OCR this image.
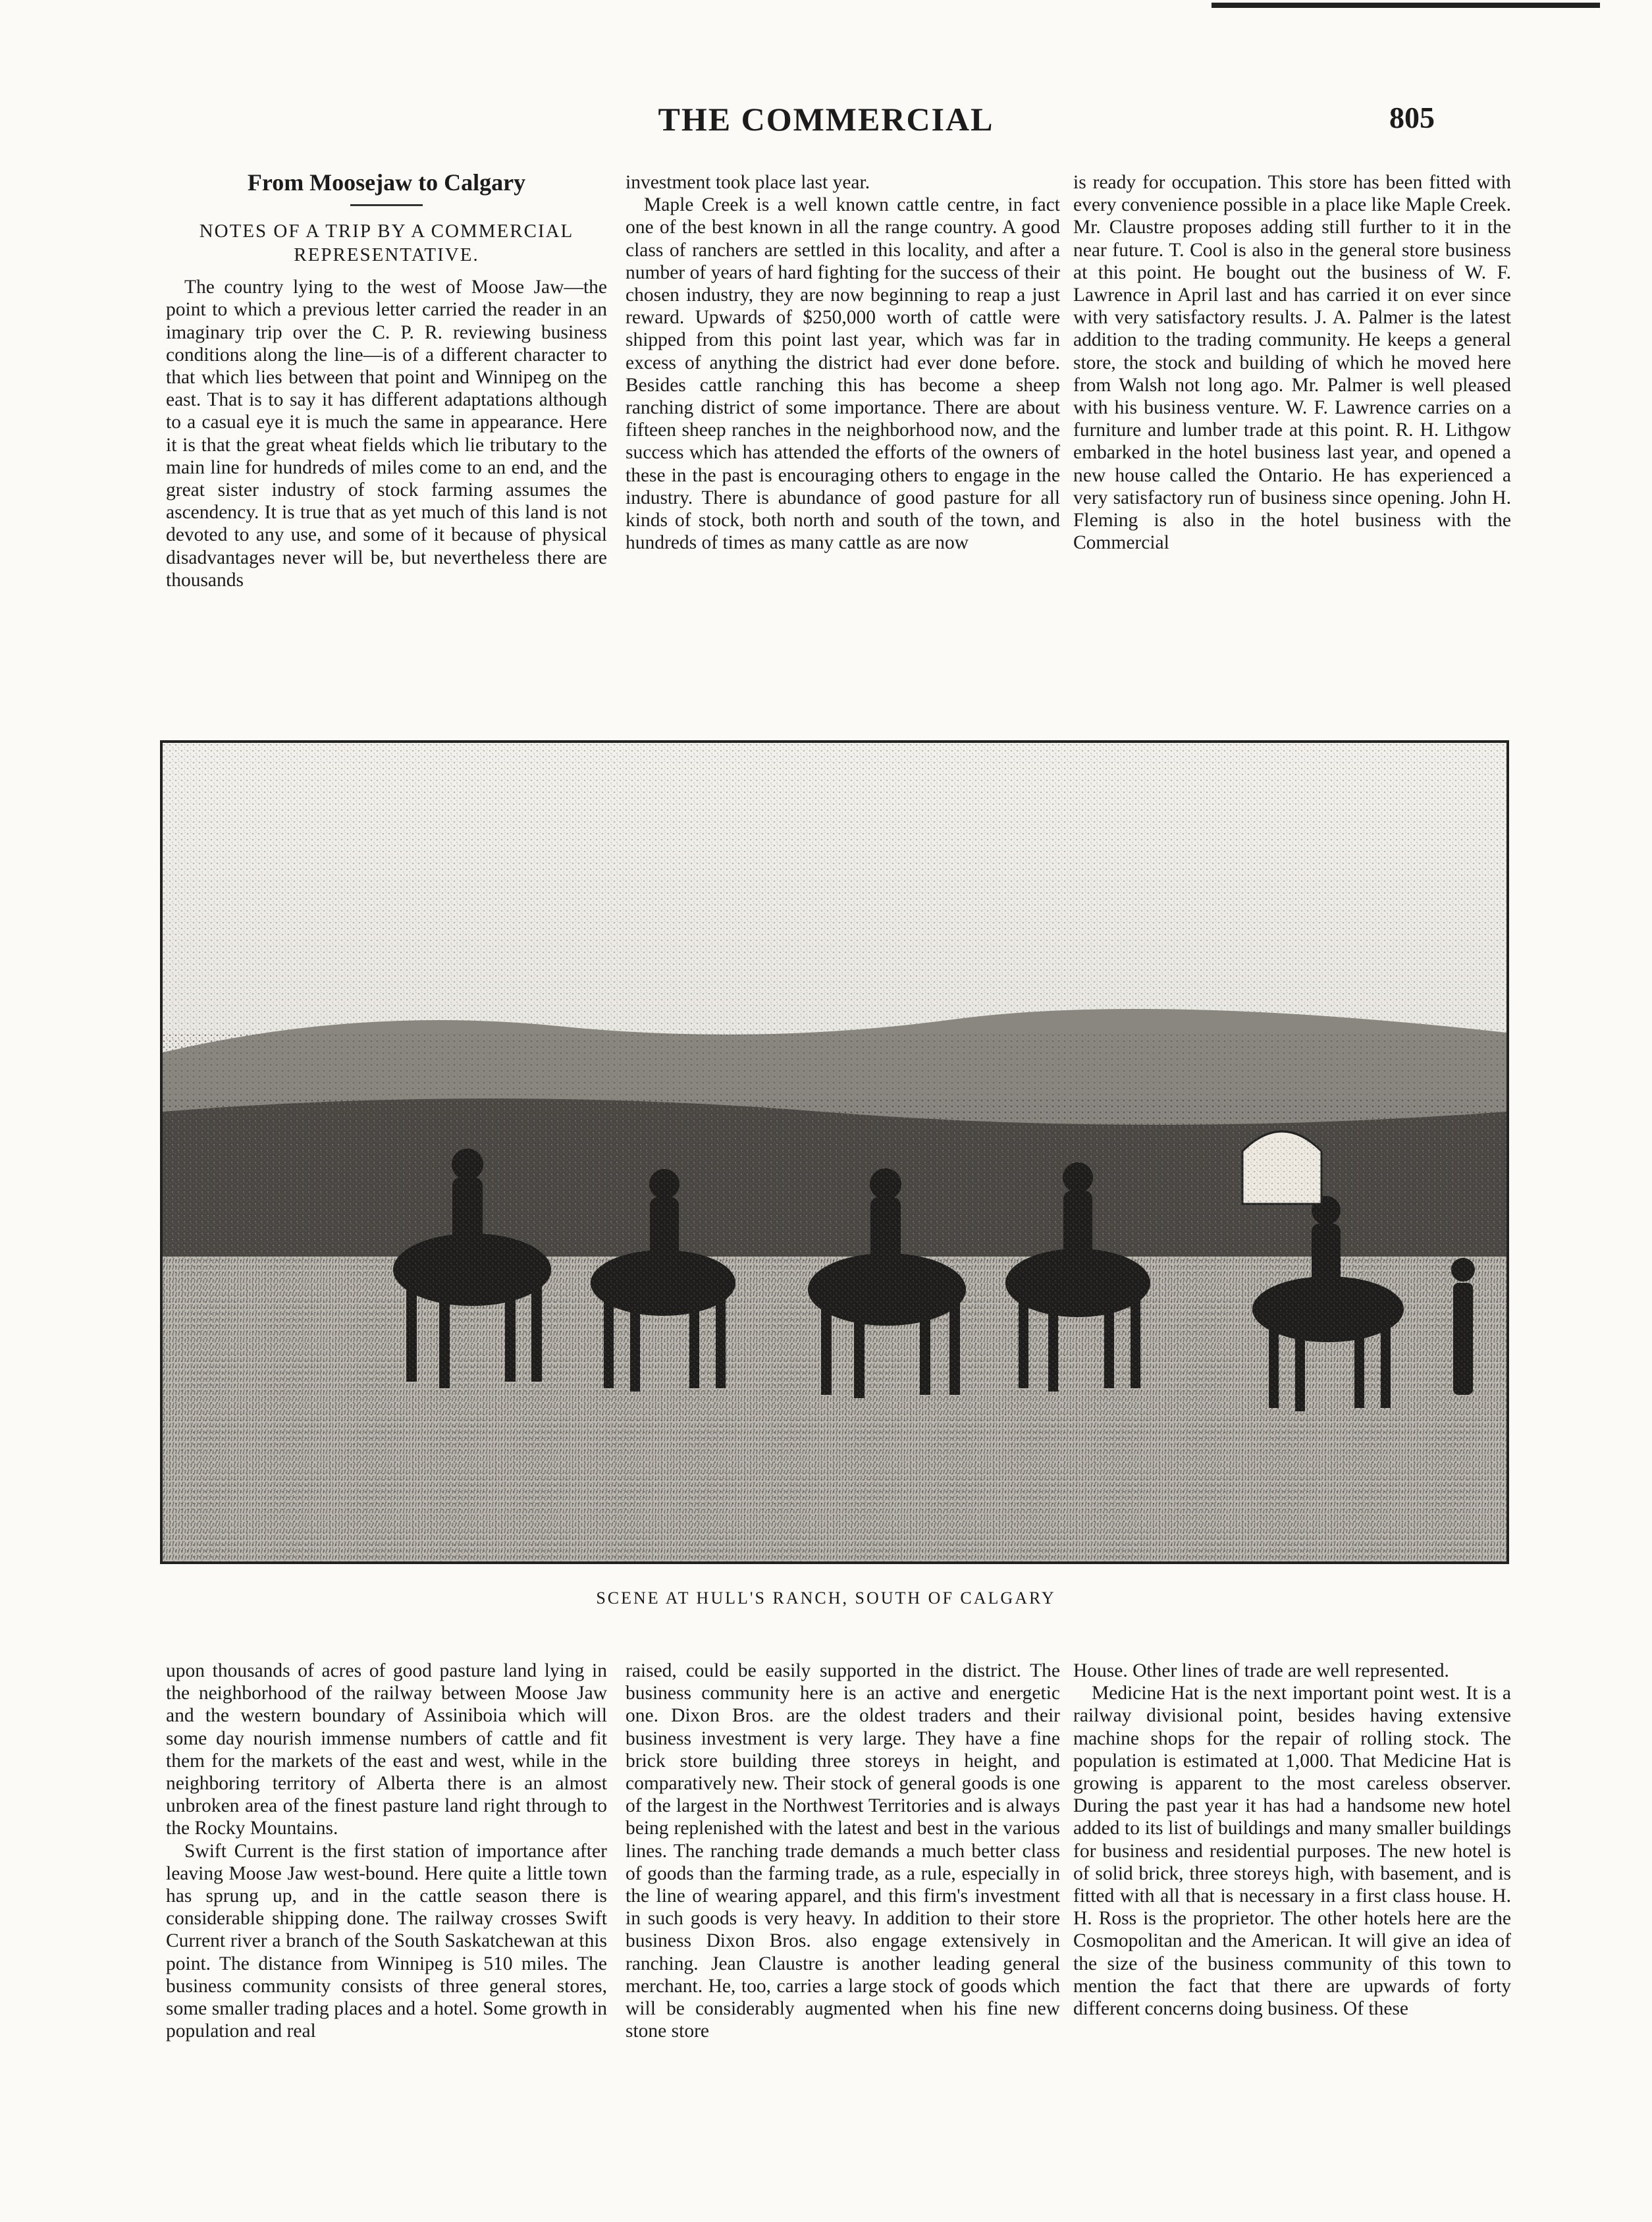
THE COMMERCIAL	805
From Moosejaw to Calgary
NOTES OF A TRIP BY A COMMERCIAL REPRESENTATIVE.

The country lying to the west of Moose Jaw—the point to which a previous letter carried the reader in an imaginary trip over the C. P. R. reviewing business conditions along the line—is of a different character to that which lies between that point and Winnipeg on the east. That is to say it has different adaptations although to a casual eye it is much the same in appearance. Here it is that the great wheat fields which lie tributary to the main line for hundreds of miles come to an end, and the great sister industry of stock farming assumes the ascendency. It is true that as yet much of this land is not devoted to any use, and some of it because of physical disadvantages never will be, but nevertheless there are thousands

investment took place last year.

Maple Creek is a well known cattle centre, in fact one of the best known in all the range country. A good class of ranchers are settled in this locality, and after a number of years of hard fighting for the success of their chosen industry, they are now beginning to reap a just reward. Upwards of $250,000 worth of cattle were shipped from this point last year, which was far in excess of anything the district had ever done before. Besides cattle ranching this has become a sheep ranching district of some importance. There are about fifteen sheep ranches in the neighborhood now, and the success which has attended the efforts of the owners of these in the past is encouraging others to engage in the industry. There is abundance of good pasture for all kinds of stock, both north and south of the town, and hundreds of times as many cattle as are now

is ready for occupation. This store has been fitted with every convenience possible in a place like Maple Creek. Mr. Claustre proposes adding still further to it in the near future. T. Cool is also in the general store business at this point. He bought out the business of W. F. Lawrence in April last and has carried it on ever since with very satisfactory results. J. A. Palmer is the latest addition to the trading community. He keeps a general store, the stock and building of which he moved here from Walsh not long ago. Mr. Palmer is well pleased with his business venture. W. F. Lawrence carries on a furniture and lumber trade at this point. R. H. Lithgow embarked in the hotel business last year, and opened a new house called the Ontario. He has experienced a very satisfactory run of business since opening. John H. Fleming is also in the hotel business with the Commercial

SCENE AT HULL'S RANCH, SOUTH OF CALGARY

upon thousands of acres of good pasture land lying in the neighborhood of the railway between Moose Jaw and the western boundary of Assiniboia which will some day nourish immense numbers of cattle and fit them for the markets of the east and west, while in the neighboring territory of Alberta there is an almost unbroken area of the finest pasture land right through to the Rocky Mountains.

Swift Current is the first station of importance after leaving Moose Jaw west-bound. Here quite a little town has sprung up, and in the cattle season there is considerable shipping done. The railway crosses Swift Current river a branch of the South Saskatchewan at this point. The distance from Winnipeg is 510 miles. The business community consists of three general stores, some smaller trading places and a hotel. Some growth in population and real

raised, could be easily supported in the district. The business community here is an active and energetic one. Dixon Bros. are the oldest traders and their business investment is very large. They have a fine brick store building three storeys in height, and comparatively new. Their stock of general goods is one of the largest in the Northwest Territories and is always being replenished with the latest and best in the various lines. The ranching trade demands a much better class of goods than the farming trade, as a rule, especially in the line of wearing apparel, and this firm's investment in such goods is very heavy. In addition to their store business Dixon Bros. also engage extensively in ranching. Jean Claustre is another leading general merchant. He, too, carries a large stock of goods which will be considerably augmented when his fine new stone store

House. Other lines of trade are well represented.

Medicine Hat is the next important point west. It is a railway divisional point, besides having extensive machine shops for the repair of rolling stock. The population is estimated at 1,000. That Medicine Hat is growing is apparent to the most careless observer. During the past year it has had a handsome new hotel added to its list of buildings and many smaller buildings for business and residential purposes. The new hotel is of solid brick, three storeys high, with basement, and is fitted with all that is necessary in a first class house. H. H. Ross is the proprietor. The other hotels here are the Cosmopolitan and the American. It will give an idea of the size of the business community of this town to mention the fact that there are upwards of forty different concerns doing business. Of these
